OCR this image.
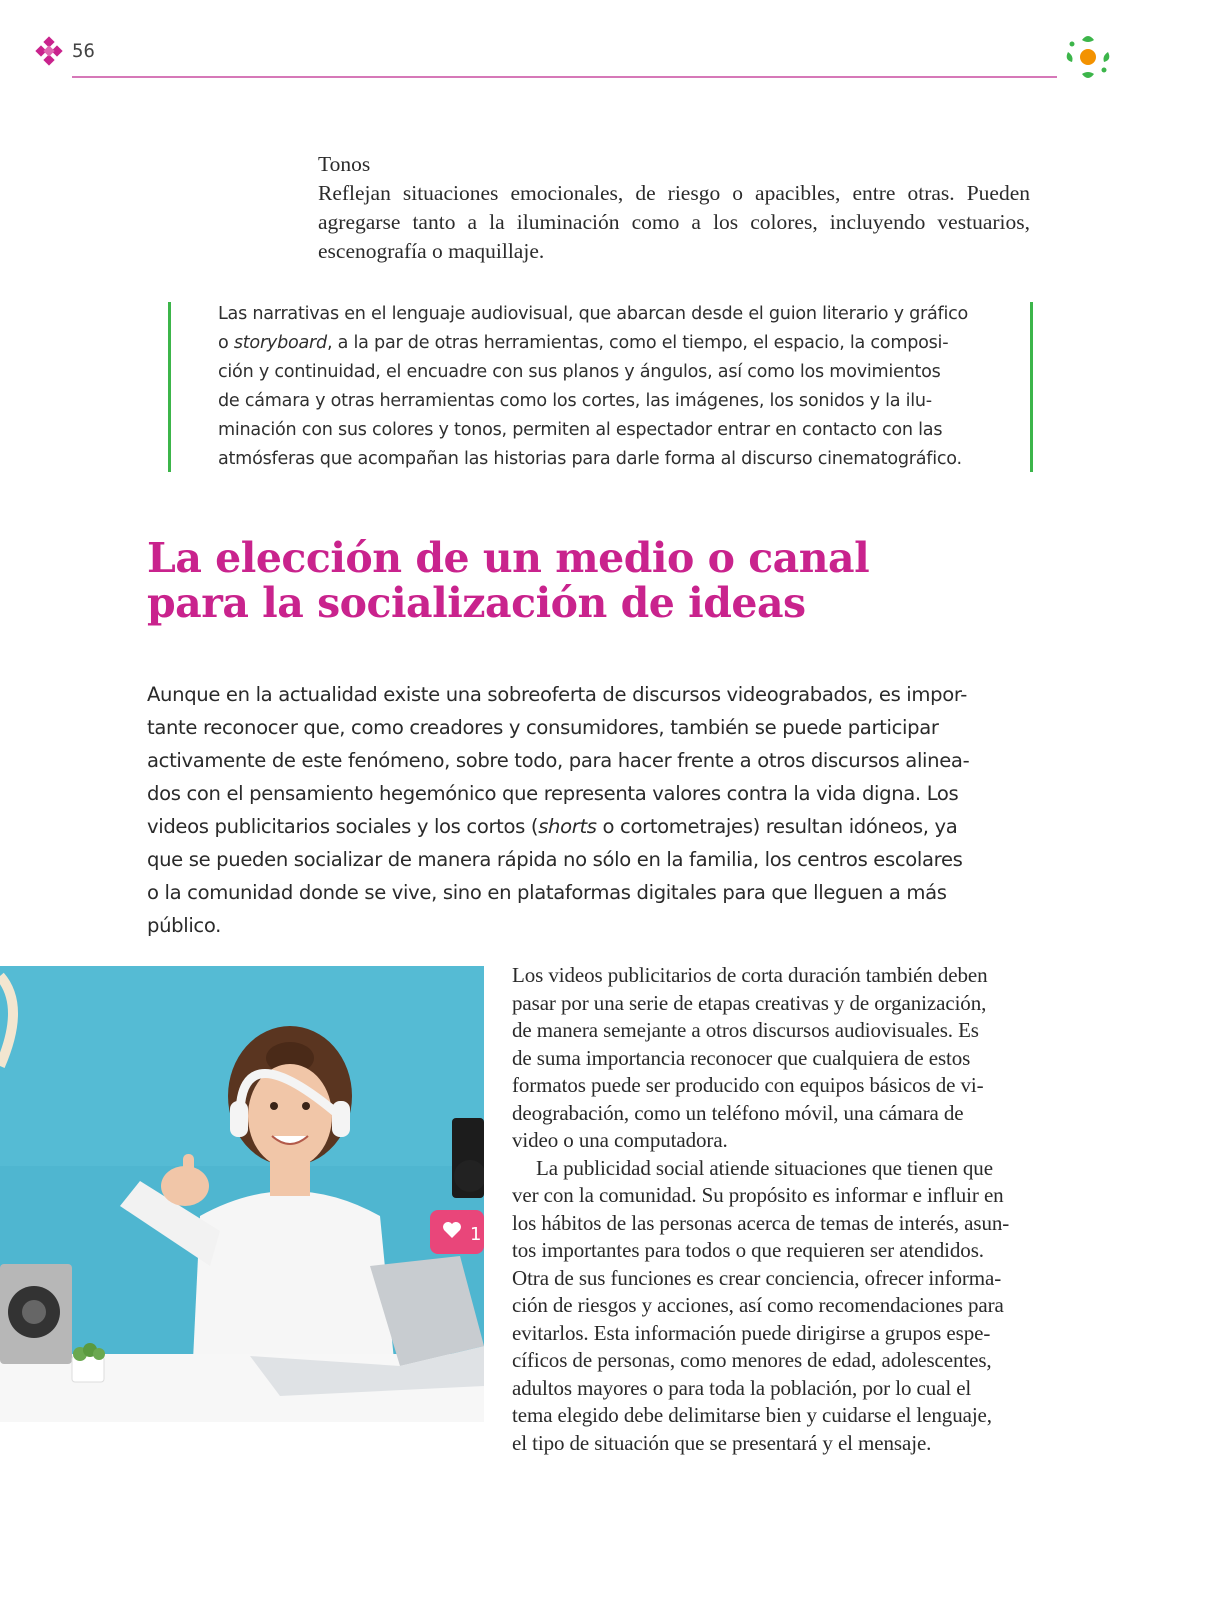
56

Tonos

Reflejan situaciones emocionales, de riesgo o apacibles, entre otras. Pueden agregarse tanto a la iluminación como a los colores, incluyendo vestuarios, escenografía o maquillaje.

Las narrativas en el lenguaje audiovisual, que abarcan desde el guion literario y gráfico
o storyboard, a la par de otras herramientas, como el tiempo, el espacio, la composi-
ción y continuidad, el encuadre con sus planos y ángulos, así como los movimientos
de cámara y otras herramientas como los cortes, las imágenes, los sonidos y la ilu-
minación con sus colores y tonos, permiten al espectador entrar en contacto con las
atmósferas que acompañan las historias para darle forma al discurso cinematográfico.
La elección de un medio o canal
para la socialización de ideas
Aunque en la actualidad existe una sobreoferta de discursos videograbados, es impor-
tante reconocer que, como creadores y consumidores, también se puede participar
activamente de este fenómeno, sobre todo, para hacer frente a otros discursos alinea-
dos con el pensamiento hegemónico que representa valores contra la vida digna. Los
videos publicitarios sociales y los cortos (shorts o cortometrajes) resultan idóneos, ya
que se pueden socializar de manera rápida no sólo en la familia, los centros escolares
o la comunidad donde se vive, sino en plataformas digitales para que lleguen a más
público.
1
Los videos publicitarios de corta duración también deben
pasar por una serie de etapas creativas y de organización,
de manera semejante a otros discursos audiovisuales. Es
de suma importancia reconocer que cualquiera de estos
formatos puede ser producido con equipos básicos de vi-
deograbación, como un teléfono móvil, una cámara de
video o una computadora.
La publicidad social atiende situaciones que tienen que
ver con la comunidad. Su propósito es informar e influir en
los hábitos de las personas acerca de temas de interés, asun-
tos importantes para todos o que requieren ser atendidos.
Otra de sus funciones es crear conciencia, ofrecer informa-
ción de riesgos y acciones, así como recomendaciones para
evitarlos. Esta información puede dirigirse a grupos espe-
cíficos de personas, como menores de edad, adolescentes,
adultos mayores o para toda la población, por lo cual el
tema elegido debe delimitarse bien y cuidarse el lenguaje,
el tipo de situación que se presentará y el mensaje.
